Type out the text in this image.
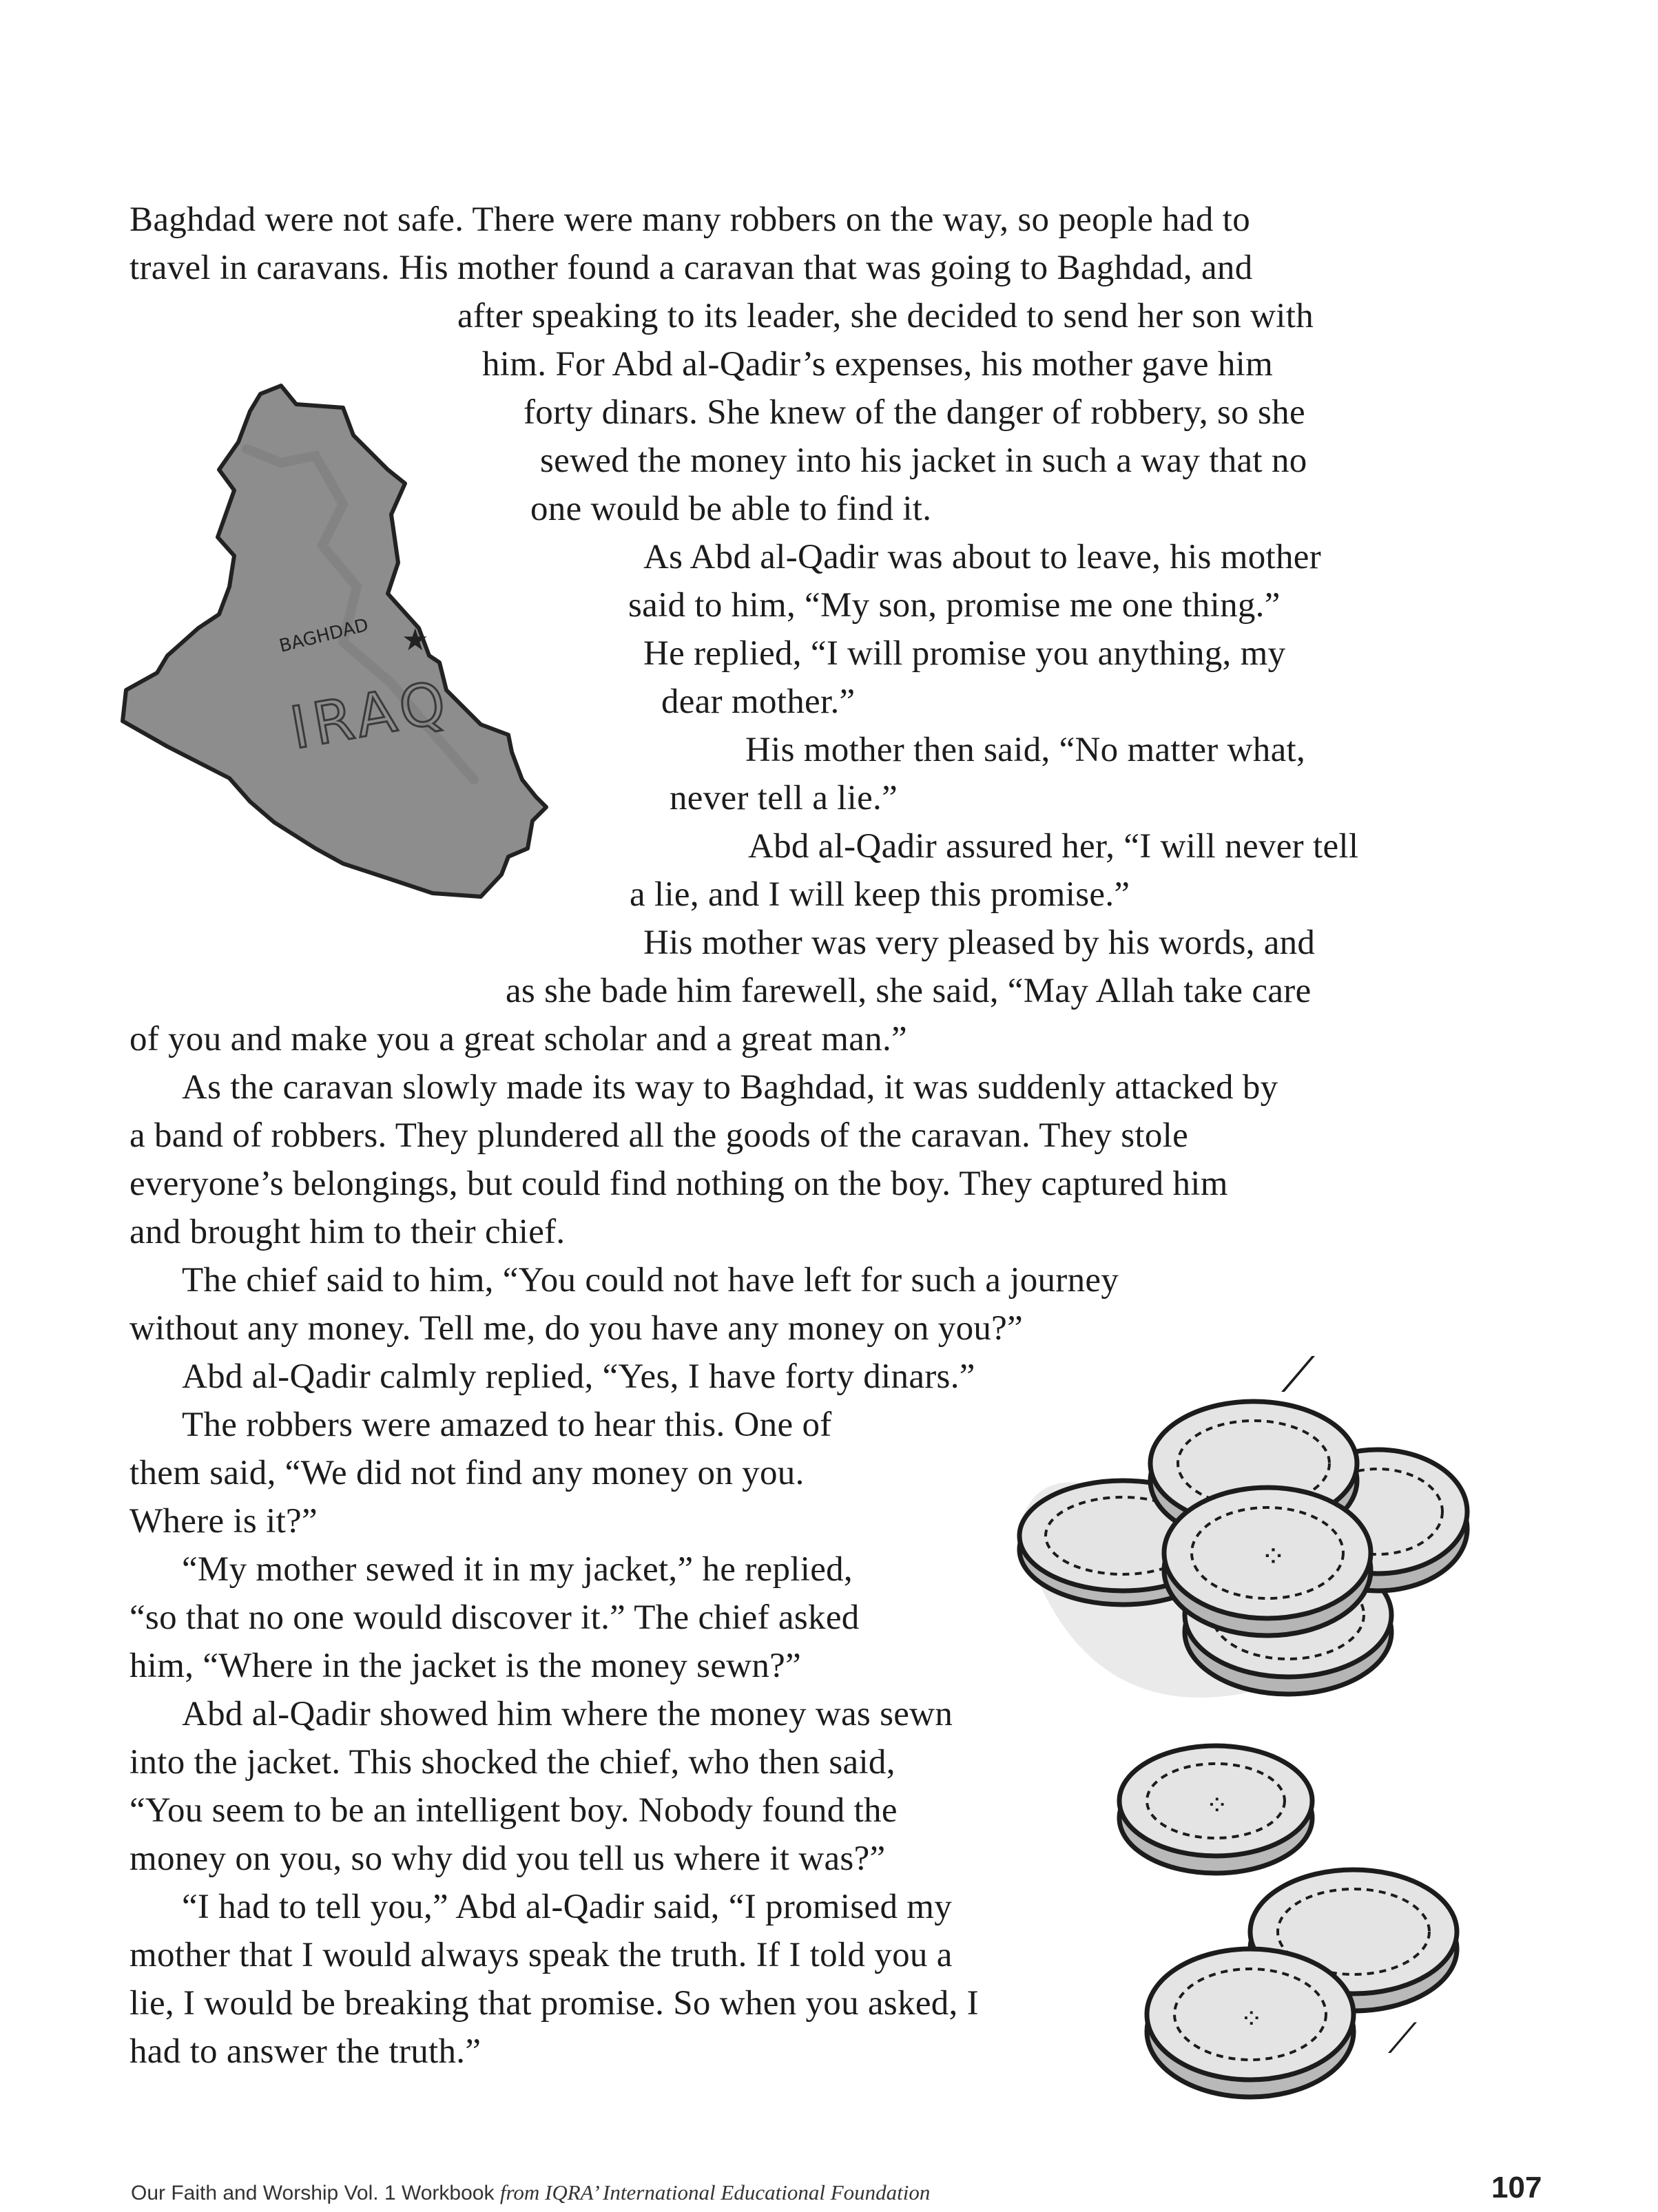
BAGHDAD ★
IRAQ
⟋
⁘
⁘
⁘	⟋
Baghdad were not safe. There were many robbers on the way, so people had to
travel in caravans. His mother found a caravan that was going to Baghdad, and
after speaking to its leader, she decided to send her son with
him. For Abd al-Qadir’s expenses, his mother gave him
forty dinars. She knew of the danger of robbery, so she
sewed the money into his jacket in such a way that no
one would be able to find it.
As Abd al-Qadir was about to leave, his mother
said to him, “My son, promise me one thing.”
He replied, “I will promise you anything, my
dear mother.”
His mother then said, “No matter what,
never tell a lie.”
Abd al-Qadir assured her, “I will never tell
a lie, and I will keep this promise.”
His mother was very pleased by his words, and
as she bade him farewell, she said, “May Allah take care
of you and make you a great scholar and a great man.”
As the caravan slowly made its way to Baghdad, it was suddenly attacked by
a band of robbers. They plundered all the goods of the caravan. They stole
everyone’s belongings, but could find nothing on the boy. They captured him
and brought him to their chief.
The chief said to him, “You could not have left for such a journey
without any money. Tell me, do you have any money on you?”
Abd al-Qadir calmly replied, “Yes, I have forty dinars.”
The robbers were amazed to hear this. One of
them said, “We did not find any money on you.
Where is it?”
“My mother sewed it in my jacket,” he replied,
“so that no one would discover it.” The chief asked
him, “Where in the jacket is the money sewn?”
Abd al-Qadir showed him where the money was sewn
into the jacket. This shocked the chief, who then said,
“You seem to be an intelligent boy. Nobody found the
money on you, so why did you tell us where it was?”
“I had to tell you,” Abd al-Qadir said, “I promised my
mother that I would always speak the truth. If I told you a
lie, I would be breaking that promise. So when you asked, I
had to answer the truth.”
Our Faith and Worship Vol. 1 Workbook from IQRA’ International Educational Foundation	107
